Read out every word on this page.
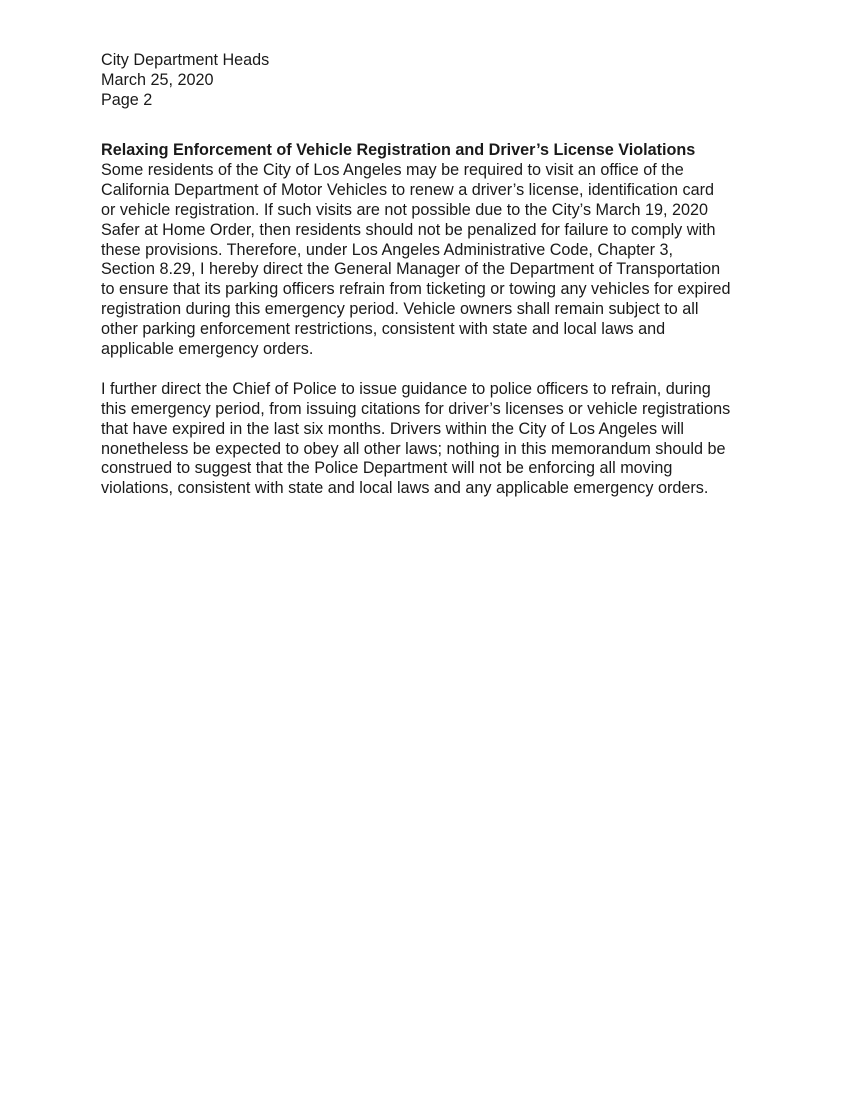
City Department Heads
March 25, 2020
Page 2
Relaxing Enforcement of Vehicle Registration and Driver’s License Violations
Some residents of the City of Los Angeles may be required to visit an office of the
California Department of Motor Vehicles to renew a driver’s license, identification card
or vehicle registration. If such visits are not possible due to the City’s March 19, 2020
Safer at Home Order, then residents should not be penalized for failure to comply with
these provisions. Therefore, under Los Angeles Administrative Code, Chapter 3,
Section 8.29, I hereby direct the General Manager of the Department of Transportation
to ensure that its parking officers refrain from ticketing or towing any vehicles for expired
registration during this emergency period. Vehicle owners shall remain subject to all
other parking enforcement restrictions, consistent with state and local laws and
applicable emergency orders.
I further direct the Chief of Police to issue guidance to police officers to refrain, during
this emergency period, from issuing citations for driver’s licenses or vehicle registrations
that have expired in the last six months. Drivers within the City of Los Angeles will
nonetheless be expected to obey all other laws; nothing in this memorandum should be
construed to suggest that the Police Department will not be enforcing all moving
violations, consistent with state and local laws and any applicable emergency orders.
